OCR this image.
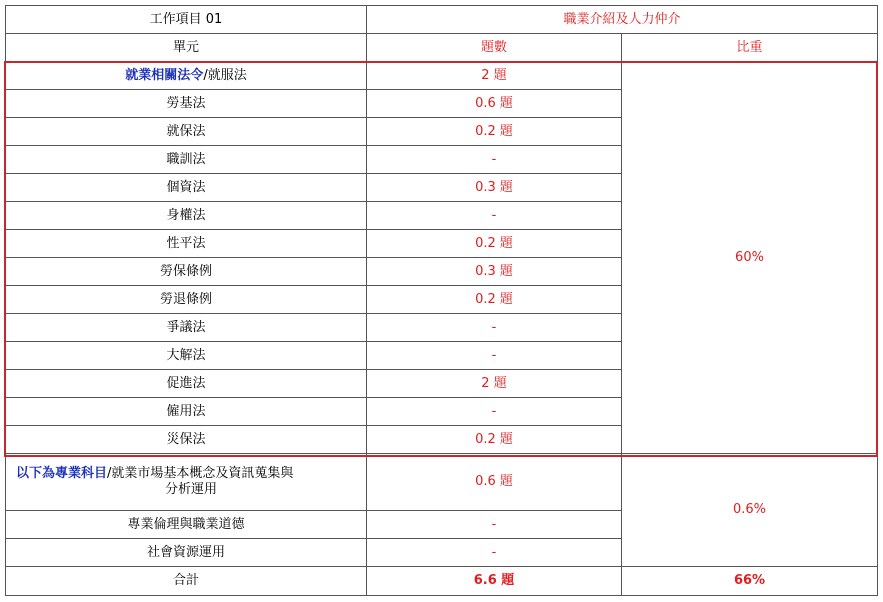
工作項目 01	職業介紹及人力仲介	
單元	題數	比重
就業相關法令/就服法	2 題	60%
勞基法	0.6 題	
就保法	0.2 題	
職訓法	-	
個資法	0.3 題	
身權法	-	
性平法	0.2 題	
勞保條例	0.3 題	
勞退條例	0.2 題	
爭議法	-	
大解法	-	
促進法	2 題	
僱用法	-	
災保法	0.2 題	
以下為專業科目/就業市場基本概念及資訊蒐集與
分析運用	0.6 題	0.6%
專業倫理與職業道德	-	
社會資源運用	-	
合計	6.6 題	66%
